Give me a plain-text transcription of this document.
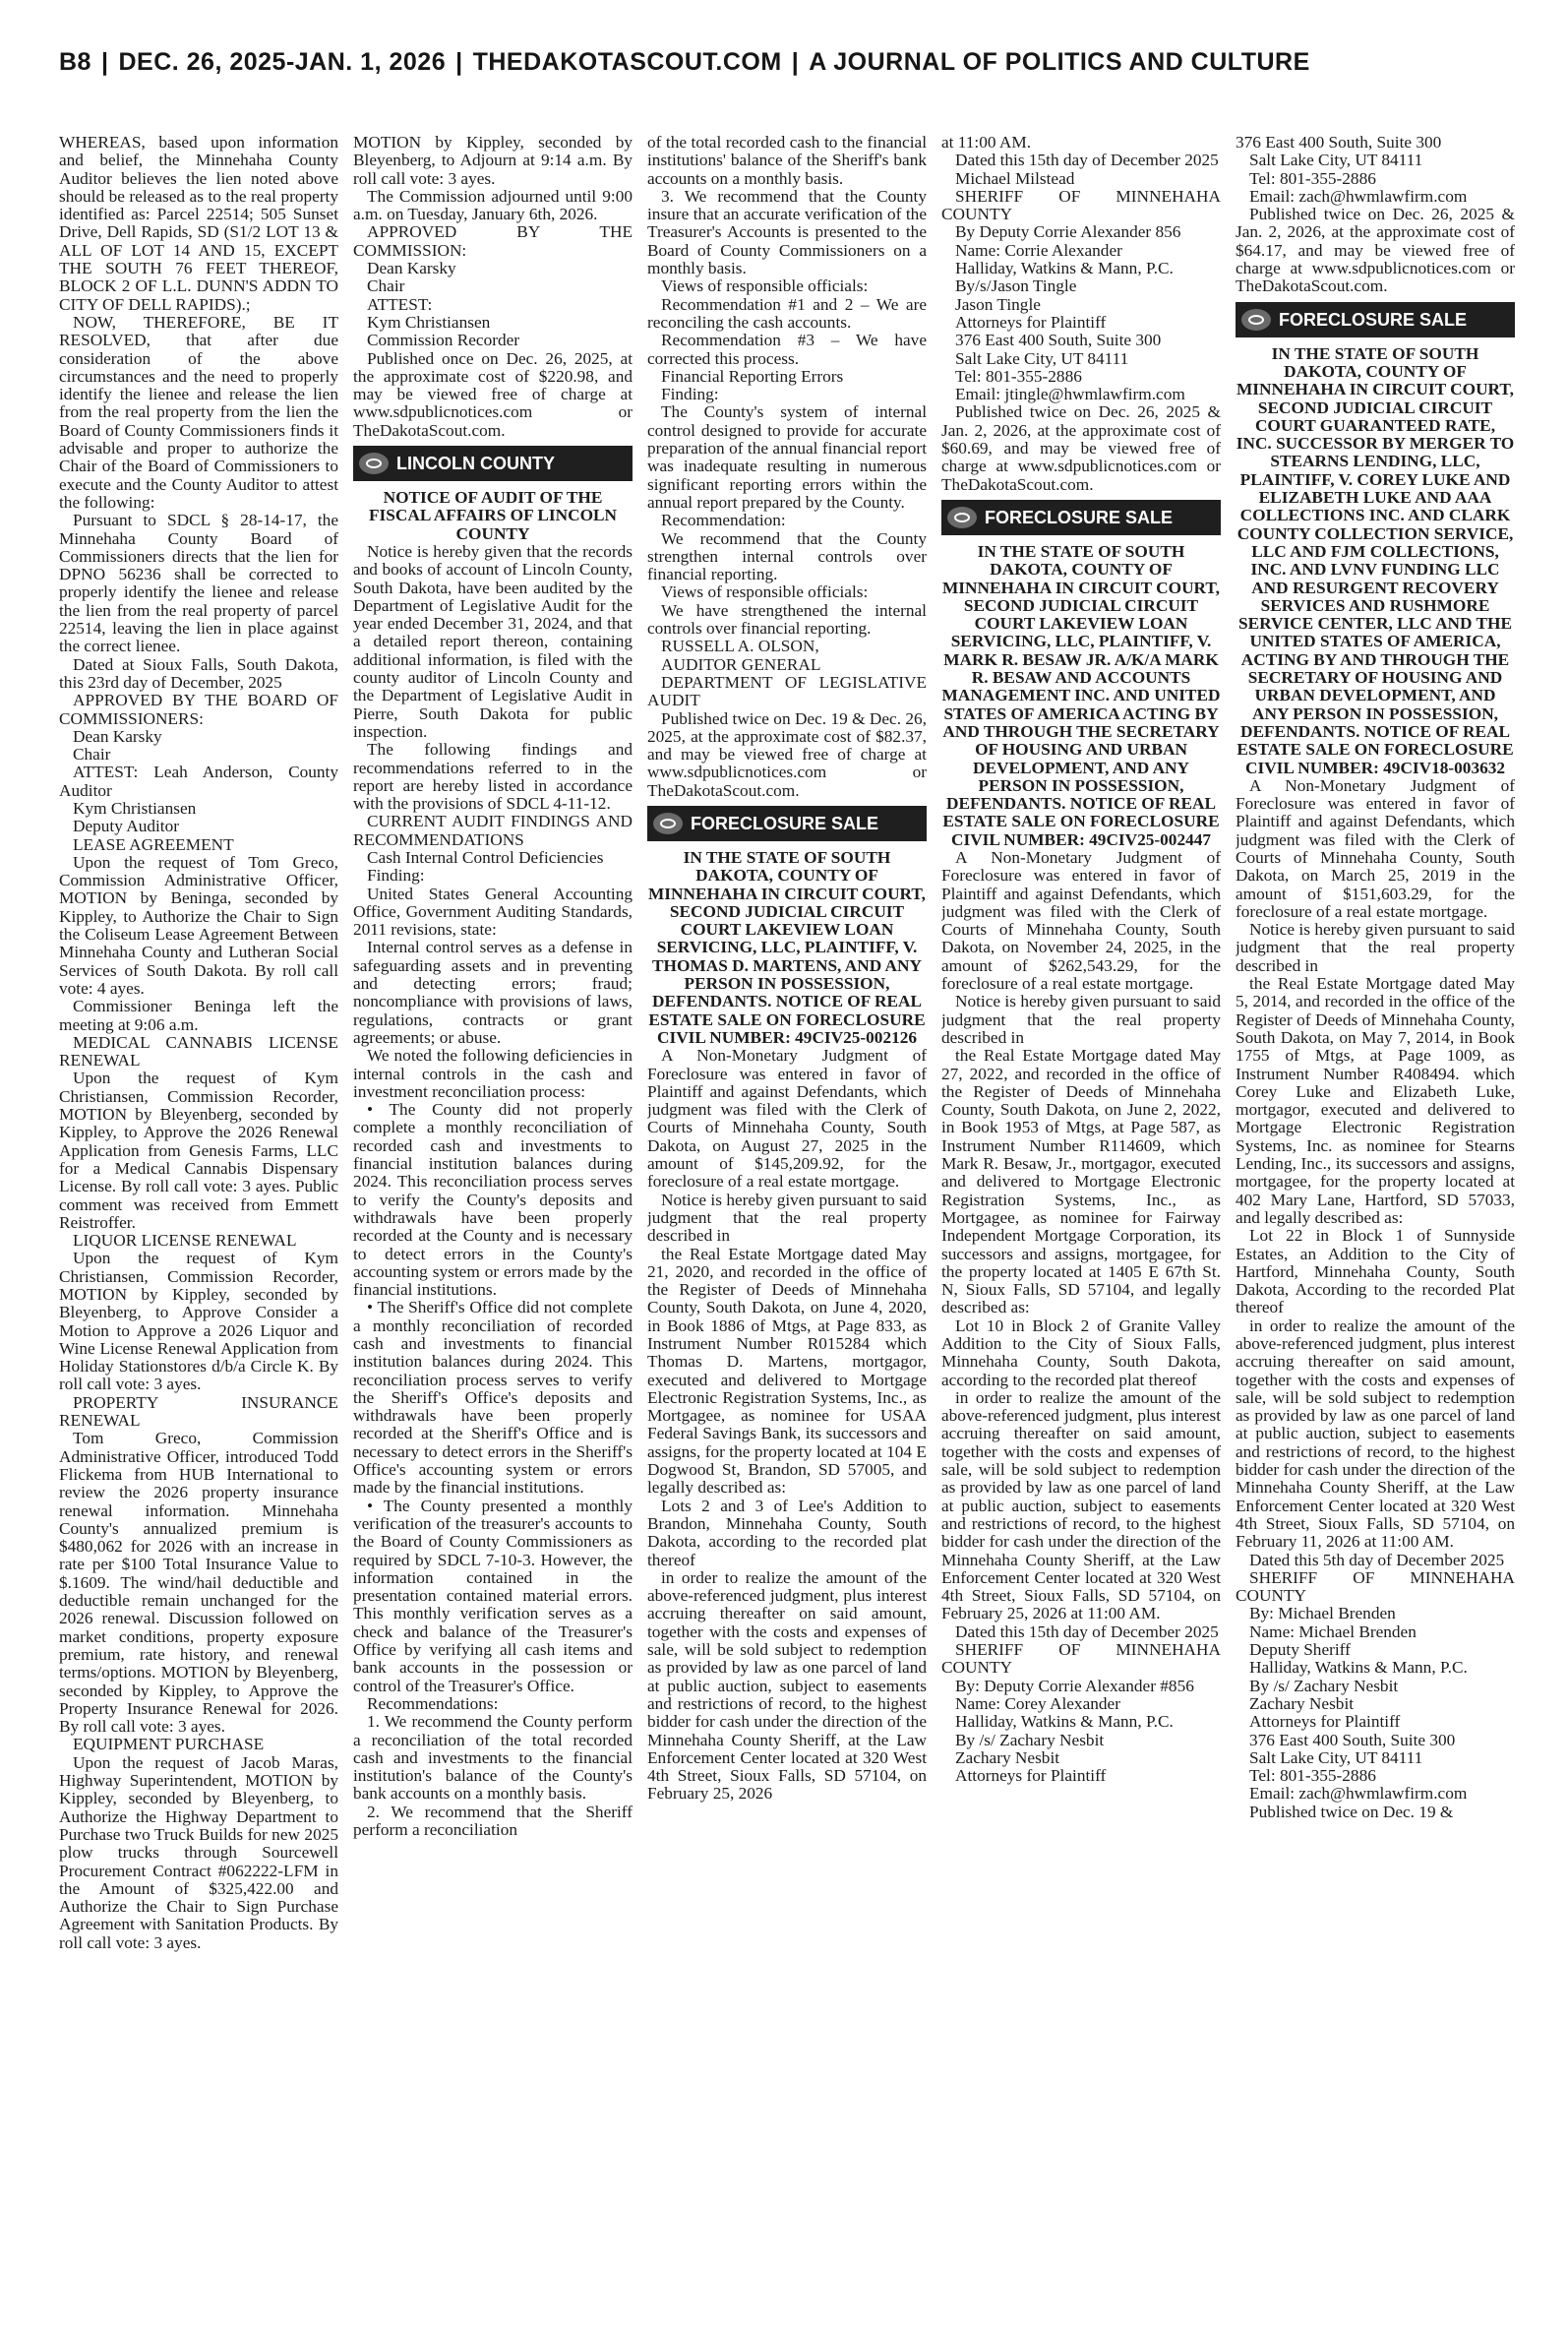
B8 | DEC. 26, 2025-JAN. 1, 2026 | THEDAKOTASCOUT.COM | A JOURNAL OF POLITICS AND CULTURE

WHEREAS, based upon information and belief, the Minnehaha County Auditor believes the lien noted above should be released as to the real property identified as: Parcel 22514; 505 Sunset Drive, Dell Rapids, SD (S1/2 LOT 13 & ALL OF LOT 14 AND 15, EXCEPT THE SOUTH 76 FEET THEREOF, BLOCK 2 OF L.L. DUNN'S ADDN TO CITY OF DELL RAPIDS).;

NOW, THEREFORE, BE IT RESOLVED, that after due consideration of the above circumstances and the need to properly identify the lienee and release the lien from the real property from the lien the Board of County Commissioners finds it advisable and proper to authorize the Chair of the Board of Commissioners to execute and the County Auditor to attest the following:

Pursuant to SDCL § 28-14-17, the Minnehaha County Board of Commissioners directs that the lien for DPNO 56236 shall be corrected to properly identify the lienee and release the lien from the real property of parcel 22514, leaving the lien in place against the correct lienee.

Dated at Sioux Falls, South Dakota, this 23rd day of December, 2025

APPROVED BY THE BOARD OF COMMISSIONERS:

Dean Karsky

Chair

ATTEST: Leah Anderson, County Auditor

Kym Christiansen

Deputy Auditor

LEASE AGREEMENT

Upon the request of Tom Greco, Commission Administrative Officer, MOTION by Beninga, seconded by Kippley, to Authorize the Chair to Sign the Coliseum Lease Agreement Between Minnehaha County and Lutheran Social Services of South Dakota. By roll call vote: 4 ayes.

Commissioner Beninga left the meeting at 9:06 a.m.

MEDICAL CANNABIS LICENSE RENEWAL

Upon the request of Kym Christiansen, Commission Recorder, MOTION by Bleyenberg, seconded by Kippley, to Approve the 2026 Renewal Application from Genesis Farms, LLC for a Medical Cannabis Dispensary License. By roll call vote: 3 ayes. Public comment was received from Emmett Reistroffer.

LIQUOR LICENSE RENEWAL

Upon the request of Kym Christiansen, Commission Recorder, MOTION by Kippley, seconded by Bleyenberg, to Approve Consider a Motion to Approve a 2026 Liquor and Wine License Renewal Application from Holiday Stationstores d/b/a Circle K. By roll call vote: 3 ayes.

PROPERTY INSURANCE RENEWAL

Tom Greco, Commission Administrative Officer, introduced Todd Flickema from HUB International to review the 2026 property insurance renewal information. Minnehaha County's annualized premium is $480,062 for 2026 with an increase in rate per $100 Total Insurance Value to $.1609. The wind/hail deductible and deductible remain unchanged for the 2026 renewal. Discussion followed on market conditions, property exposure premium, rate history, and renewal terms/options. MOTION by Bleyenberg, seconded by Kippley, to Approve the Property Insurance Renewal for 2026. By roll call vote: 3 ayes.

EQUIPMENT PURCHASE

Upon the request of Jacob Maras, Highway Superintendent, MOTION by Kippley, seconded by Bleyenberg, to Authorize the Highway Department to Purchase two Truck Builds for new 2025 plow trucks through Sourcewell Procurement Contract #062222-LFM in the Amount of $325,422.00 and Authorize the Chair to Sign Purchase Agreement with Sanitation Products. By roll call vote: 3 ayes.

MOTION by Kippley, seconded by Bleyenberg, to Adjourn at 9:14 a.m. By roll call vote: 3 ayes.

The Commission adjourned until 9:00 a.m. on Tuesday, January 6th, 2026.

APPROVED BY THE COMMISSION:

Dean Karsky

Chair

ATTEST:

Kym Christiansen

Commission Recorder

Published once on Dec. 26, 2025, at the approximate cost of $220.98, and may be viewed free of charge at www.sdpublicnotices.com or TheDakotaScout.com.

LINCOLN COUNTY

NOTICE OF AUDIT OF THE FISCAL AFFAIRS OF LINCOLN COUNTY

Notice is hereby given that the records and books of account of Lincoln County, South Dakota, have been audited by the Department of Legislative Audit for the year ended December 31, 2024, and that a detailed report thereon, containing additional information, is filed with the county auditor of Lincoln County and the Department of Legislative Audit in Pierre, South Dakota for public inspection.

The following findings and recommendations referred to in the report are hereby listed in accordance with the provisions of SDCL 4-11-12.

CURRENT AUDIT FINDINGS AND RECOMMENDATIONS

Cash Internal Control Deficiencies

Finding:

United States General Accounting Office, Government Auditing Standards, 2011 revisions, state:

Internal control serves as a defense in safeguarding assets and in preventing and detecting errors; fraud; noncompliance with provisions of laws, regulations, contracts or grant agreements; or abuse.

We noted the following deficiencies in internal controls in the cash and investment reconciliation process:

• The County did not properly complete a monthly reconciliation of recorded cash and investments to financial institution balances during 2024. This reconciliation process serves to verify the County's deposits and withdrawals have been properly recorded at the County and is necessary to detect errors in the County's accounting system or errors made by the financial institutions.

• The Sheriff's Office did not complete a monthly reconciliation of recorded cash and investments to financial institution balances during 2024. This reconciliation process serves to verify the Sheriff's Office's deposits and withdrawals have been properly recorded at the Sheriff's Office and is necessary to detect errors in the Sheriff's Office's accounting system or errors made by the financial institutions.

• The County presented a monthly verification of the treasurer's accounts to the Board of County Commissioners as required by SDCL 7-10-3. However, the information contained in the presentation contained material errors. This monthly verification serves as a check and balance of the Treasurer's Office by verifying all cash items and bank accounts in the possession or control of the Treasurer's Office.

Recommendations:

1. We recommend the County perform a reconciliation of the total recorded cash and investments to the financial institution's balance of the County's bank accounts on a monthly basis.

2. We recommend that the Sheriff perform a reconciliation

of the total recorded cash to the financial institutions' balance of the Sheriff's bank accounts on a monthly basis.

3. We recommend that the County insure that an accurate verification of the Treasurer's Accounts is presented to the Board of County Commissioners on a monthly basis.

Views of responsible officials:

Recommendation #1 and 2 – We are reconciling the cash accounts.

Recommendation #3 – We have corrected this process.

Financial Reporting Errors

Finding:

The County's system of internal control designed to provide for accurate preparation of the annual financial report was inadequate resulting in numerous significant reporting errors within the annual report prepared by the County.

Recommendation:

We recommend that the County strengthen internal controls over financial reporting.

Views of responsible officials:

We have strengthened the internal controls over financial reporting.

RUSSELL A. OLSON,

AUDITOR GENERAL

DEPARTMENT OF LEGISLATIVE AUDIT

Published twice on Dec. 19 & Dec. 26, 2025, at the approximate cost of $82.37, and may be viewed free of charge at www.sdpublicnotices.com or TheDakotaScout.com.

FORECLOSURE SALE

IN THE STATE OF SOUTH DAKOTA, COUNTY OF MINNEHAHA IN CIRCUIT COURT, SECOND JUDICIAL CIRCUIT COURT LAKEVIEW LOAN SERVICING, LLC, PLAINTIFF, V. THOMAS D. MARTENS, AND ANY PERSON IN POSSESSION, DEFENDANTS. NOTICE OF REAL ESTATE SALE ON FORECLOSURE CIVIL NUMBER: 49CIV25-002126

A Non-Monetary Judgment of Foreclosure was entered in favor of Plaintiff and against Defendants, which judgment was filed with the Clerk of Courts of Minnehaha County, South Dakota, on August 27, 2025 in the amount of $145,209.92, for the foreclosure of a real estate mortgage.

Notice is hereby given pursuant to said judgment that the real property described in

the Real Estate Mortgage dated May 21, 2020, and recorded in the office of the Register of Deeds of Minnehaha County, South Dakota, on June 4, 2020, in Book 1886 of Mtgs, at Page 833, as Instrument Number R015284 which Thomas D. Martens, mortgagor, executed and delivered to Mortgage Electronic Registration Systems, Inc., as Mortgagee, as nominee for USAA Federal Savings Bank, its successors and assigns, for the property located at 104 E Dogwood St, Brandon, SD 57005, and legally described as:

Lots 2 and 3 of Lee's Addition to Brandon, Minnehaha County, South Dakota, according to the recorded plat thereof

in order to realize the amount of the above-referenced judgment, plus interest accruing thereafter on said amount, together with the costs and expenses of sale, will be sold subject to redemption as provided by law as one parcel of land at public auction, subject to easements and restrictions of record, to the highest bidder for cash under the direction of the Minnehaha County Sheriff, at the Law Enforcement Center located at 320 West 4th Street, Sioux Falls, SD 57104, on February 25, 2026

at 11:00 AM.

Dated this 15th day of December 2025

Michael Milstead

SHERIFF OF MINNEHAHA COUNTY

By Deputy Corrie Alexander 856

Name: Corrie Alexander

Halliday, Watkins & Mann, P.C.

By/s/Jason Tingle

Jason Tingle

Attorneys for Plaintiff

376 East 400 South, Suite 300

Salt Lake City, UT 84111

Tel: 801-355-2886

Email: jtingle@hwmlawfirm.com

Published twice on Dec. 26, 2025 & Jan. 2, 2026, at the approximate cost of $60.69, and may be viewed free of charge at www.sdpublicnotices.com or TheDakotaScout.com.

FORECLOSURE SALE

IN THE STATE OF SOUTH DAKOTA, COUNTY OF MINNEHAHA IN CIRCUIT COURT, SECOND JUDICIAL CIRCUIT COURT LAKEVIEW LOAN SERVICING, LLC, PLAINTIFF, V. MARK R. BESAW JR. A/K/A MARK R. BESAW AND ACCOUNTS MANAGEMENT INC. AND UNITED STATES OF AMERICA ACTING BY AND THROUGH THE SECRETARY OF HOUSING AND URBAN DEVELOPMENT, AND ANY PERSON IN POSSESSION, DEFENDANTS. NOTICE OF REAL ESTATE SALE ON FORECLOSURE CIVIL NUMBER: 49CIV25-002447

A Non-Monetary Judgment of Foreclosure was entered in favor of Plaintiff and against Defendants, which judgment was filed with the Clerk of Courts of Minnehaha County, South Dakota, on November 24, 2025, in the amount of $262,543.29, for the foreclosure of a real estate mortgage.

Notice is hereby given pursuant to said judgment that the real property described in

the Real Estate Mortgage dated May 27, 2022, and recorded in the office of the Register of Deeds of Minnehaha County, South Dakota, on June 2, 2022, in Book 1953 of Mtgs, at Page 587, as Instrument Number R114609, which Mark R. Besaw, Jr., mortgagor, executed and delivered to Mortgage Electronic Registration Systems, Inc., as Mortgagee, as nominee for Fairway Independent Mortgage Corporation, its successors and assigns, mortgagee, for the property located at 1405 E 67th St. N, Sioux Falls, SD 57104, and legally described as:

Lot 10 in Block 2 of Granite Valley Addition to the City of Sioux Falls, Minnehaha County, South Dakota, according to the recorded plat thereof

in order to realize the amount of the above-referenced judgment, plus interest accruing thereafter on said amount, together with the costs and expenses of sale, will be sold subject to redemption as provided by law as one parcel of land at public auction, subject to easements and restrictions of record, to the highest bidder for cash under the direction of the Minnehaha County Sheriff, at the Law Enforcement Center located at 320 West 4th Street, Sioux Falls, SD 57104, on February 25, 2026 at 11:00 AM.

Dated this 15th day of December 2025

SHERIFF OF MINNEHAHA COUNTY

By: Deputy Corrie Alexander #856

Name: Corey Alexander

Halliday, Watkins & Mann, P.C.

By /s/ Zachary Nesbit

Zachary Nesbit

Attorneys for Plaintiff

376 East 400 South, Suite 300

Salt Lake City, UT 84111

Tel: 801-355-2886

Email: zach@hwmlawfirm.com

Published twice on Dec. 26, 2025 & Jan. 2, 2026, at the approximate cost of $64.17, and may be viewed free of charge at www.sdpublicnotices.com or TheDakotaScout.com.

FORECLOSURE SALE

IN THE STATE OF SOUTH DAKOTA, COUNTY OF MINNEHAHA IN CIRCUIT COURT, SECOND JUDICIAL CIRCUIT COURT GUARANTEED RATE, INC. SUCCESSOR BY MERGER TO STEARNS LENDING, LLC, PLAINTIFF, V. COREY LUKE AND ELIZABETH LUKE AND AAA COLLECTIONS INC. AND CLARK COUNTY COLLECTION SERVICE, LLC AND FJM COLLECTIONS, INC. AND LVNV FUNDING LLC AND RESURGENT RECOVERY SERVICES AND RUSHMORE SERVICE CENTER, LLC AND THE UNITED STATES OF AMERICA, ACTING BY AND THROUGH THE SECRETARY OF HOUSING AND URBAN DEVELOPMENT, AND ANY PERSON IN POSSESSION, DEFENDANTS. NOTICE OF REAL ESTATE SALE ON FORECLOSURE CIVIL NUMBER: 49CIV18-003632

A Non-Monetary Judgment of Foreclosure was entered in favor of Plaintiff and against Defendants, which judgment was filed with the Clerk of Courts of Minnehaha County, South Dakota, on March 25, 2019 in the amount of $151,603.29, for the foreclosure of a real estate mortgage.

Notice is hereby given pursuant to said judgment that the real property described in

the Real Estate Mortgage dated May 5, 2014, and recorded in the office of the Register of Deeds of Minnehaha County, South Dakota, on May 7, 2014, in Book 1755 of Mtgs, at Page 1009, as Instrument Number R408494. which Corey Luke and Elizabeth Luke, mortgagor, executed and delivered to Mortgage Electronic Registration Systems, Inc. as nominee for Stearns Lending, Inc., its successors and assigns, mortgagee, for the property located at 402 Mary Lane, Hartford, SD 57033, and legally described as:

Lot 22 in Block 1 of Sunnyside Estates, an Addition to the City of Hartford, Minnehaha County, South Dakota, According to the recorded Plat thereof

in order to realize the amount of the above-referenced judgment, plus interest accruing thereafter on said amount, together with the costs and expenses of sale, will be sold subject to redemption as provided by law as one parcel of land at public auction, subject to easements and restrictions of record, to the highest bidder for cash under the direction of the Minnehaha County Sheriff, at the Law Enforcement Center located at 320 West 4th Street, Sioux Falls, SD 57104, on February 11, 2026 at 11:00 AM.

Dated this 5th day of December 2025

SHERIFF OF MINNEHAHA COUNTY

By: Michael Brenden

Name: Michael Brenden

Deputy Sheriff

Halliday, Watkins & Mann, P.C.

By /s/ Zachary Nesbit

Zachary Nesbit

Attorneys for Plaintiff

376 East 400 South, Suite 300

Salt Lake City, UT 84111

Tel: 801-355-2886

Email: zach@hwmlawfirm.com

Published twice on Dec. 19 &
